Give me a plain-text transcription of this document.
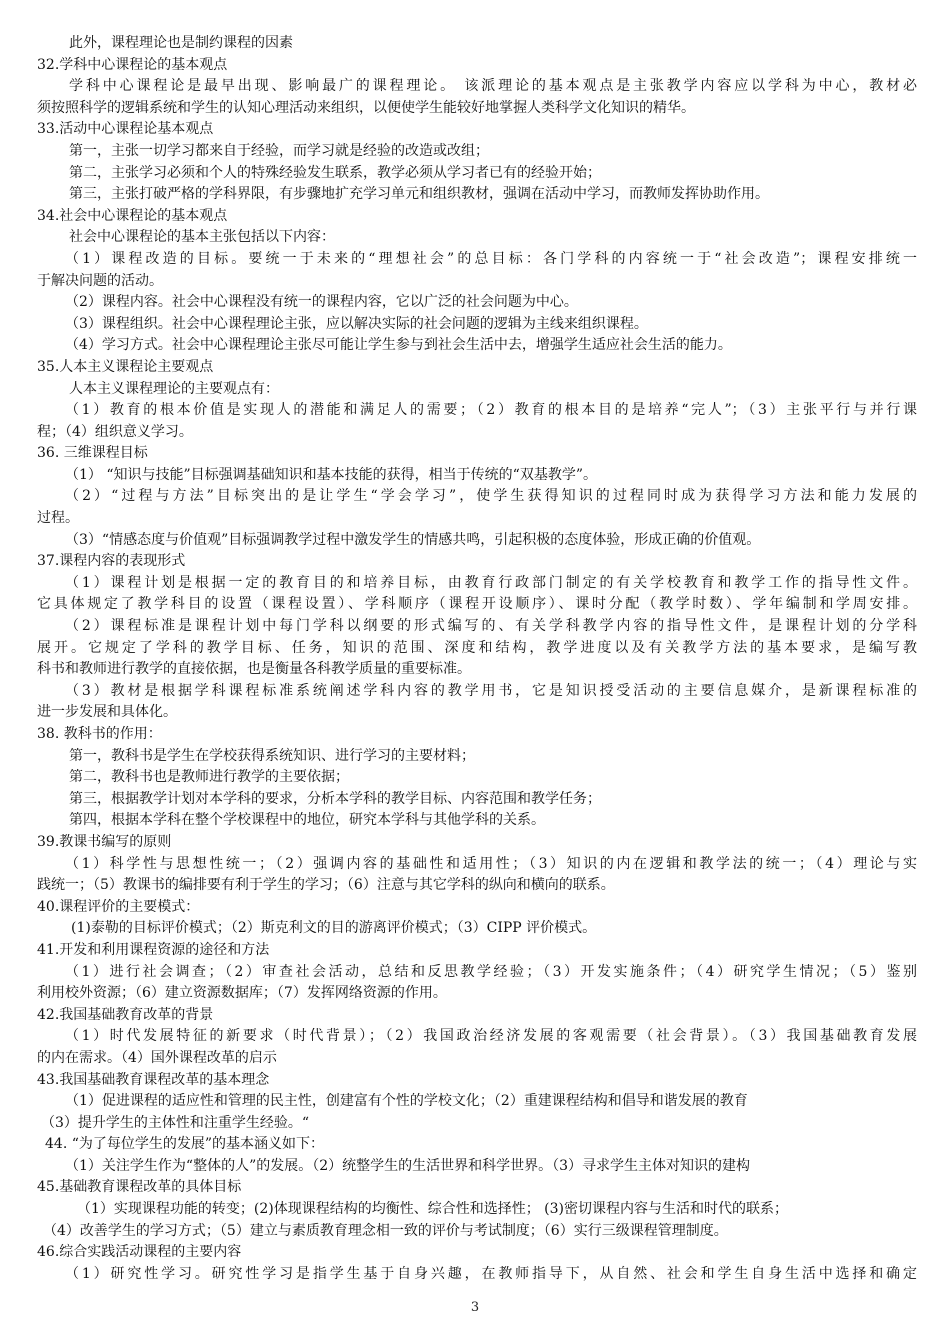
此外，课程理论也是制约课程的因素
32.学科中心课程论的基本观点
学科中心课程论是最早出现、影响最广的课程理论。 该派理论的基本观点是主张教学内容应以学科为中心，教材必
须按照科学的逻辑系统和学生的认知心理活动来组织，以便使学生能较好地掌握人类科学文化知识的精华。
33.活动中心课程论基本观点
第一，主张一切学习都来自于经验，而学习就是经验的改造或改组；
第二，主张学习必须和个人的特殊经验发生联系，教学必须从学习者已有的经验开始；
第三，主张打破严格的学科界限，有步骤地扩充学习单元和组织教材，强调在活动中学习，而教师发挥协助作用。
34.社会中心课程论的基本观点
社会中心课程论的基本主张包括以下内容：
（1）课程改造的目标。要统一于未来的“理想社会”的总目标：各门学科的内容统一于“社会改造”；课程安排统一
于解决问题的活动。
（2）课程内容。社会中心课程没有统一的课程内容，它以广泛的社会问题为中心。
（3）课程组织。社会中心课程理论主张，应以解决实际的社会问题的逻辑为主线来组织课程。
（4）学习方式。社会中心课程理论主张尽可能让学生参与到社会生活中去，增强学生适应社会生活的能力。
35.人本主义课程论主要观点
人本主义课程理论的主要观点有：
（1）教育的根本价值是实现人的潜能和满足人的需要；（2）教育的根本目的是培养“完人”；（3）主张平行与并行课
程；（4）组织意义学习。
36. 三维课程目标
（1） “知识与技能”目标强调基础知识和基本技能的获得，相当于传统的“双基教学”。
（2）“过程与方法”目标突出的是让学生“学会学习”，使学生获得知识的过程同时成为获得学习方法和能力发展的
过程。
（3）“情感态度与价值观”目标强调教学过程中激发学生的情感共鸣，引起积极的态度体验，形成正确的价值观。
37.课程内容的表现形式
（1）课程计划是根据一定的教育目的和培养目标，由教育行政部门制定的有关学校教育和教学工作的指导性文件。
它具体规定了教学科目的设置（课程设置）、学科顺序（课程开设顺序）、课时分配（教学时数）、学年编制和学周安排。
（2）课程标准是课程计划中每门学科以纲要的形式编写的、有关学科教学内容的指导性文件，是课程计划的分学科
展开。它规定了学科的教学目标、任务，知识的范围、深度和结构，教学进度以及有关教学方法的基本要求，是编写教
科书和教师进行教学的直接依据，也是衡量各科教学质量的重要标准。
（3）教材是根据学科课程标准系统阐述学科内容的教学用书，它是知识授受活动的主要信息媒介，是新课程标准的
进一步发展和具体化。
38. 教科书的作用：
第一，教科书是学生在学校获得系统知识、进行学习的主要材料；
第二，教科书也是教师进行教学的主要依据；
第三，根据教学计划对本学科的要求，分析本学科的教学目标、内容范围和教学任务；
第四，根据本学科在整个学校课程中的地位，研究本学科与其他学科的关系。
39.教课书编写的原则
（1）科学性与思想性统一；（2）强调内容的基础性和适用性；（3）知识的内在逻辑和教学法的统一；（4）理论与实
践统一；（5）教课书的编排要有利于学生的学习；（6）注意与其它学科的纵向和横向的联系。
40.课程评价的主要模式：
(1)泰勒的目标评价模式；（2）斯克利文的目的游离评价模式；（3）CIPP 评价模式。
41.开发和利用课程资源的途径和方法
（1）进行社会调查；（2）审查社会活动，总结和反思教学经验；（3）开发实施条件；（4）研究学生情况；（5）鉴别
利用校外资源；（6）建立资源数据库；（7）发挥网络资源的作用。
42.我国基础教育改革的背景
（1）时代发展特征的新要求（时代背景）；（2）我国政治经济发展的客观需要（社会背景）。（3）我国基础教育发展
的内在需求。（4）国外课程改革的启示
43.我国基础教育课程改革的基本理念
（1）促进课程的适应性和管理的民主性，创建富有个性的学校文化；（2）重建课程结构和倡导和谐发展的教育
（3）提升学生的主体性和注重学生经验。“
44. “为了每位学生的发展”的基本涵义如下：
（1）关注学生作为“整体的人”的发展。（2）统整学生的生活世界和科学世界。（3）寻求学生主体对知识的建构
45.基础教育课程改革的具体目标
（1）实现课程功能的转变；(2)体现课程结构的均衡性、综合性和选择性； (3)密切课程内容与生活和时代的联系；
（4）改善学生的学习方式；（5）建立与素质教育理念相一致的评价与考试制度；（6）实行三级课程管理制度。
46.综合实践活动课程的主要内容
（1）研究性学习。研究性学习是指学生基于自身兴趣，在教师指导下，从自然、社会和学生自身生活中选择和确定
3
